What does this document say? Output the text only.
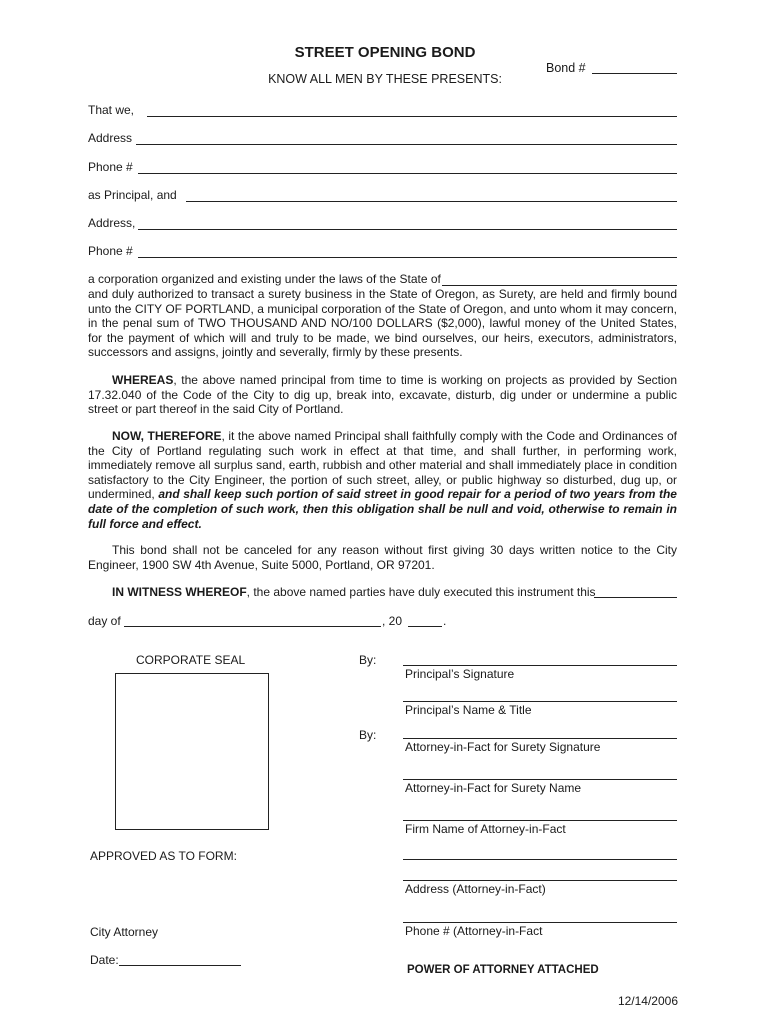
STREET OPENING BOND
Bond #
KNOW ALL MEN BY THESE PRESENTS:
That we,
Address
Phone #
as Principal, and
Address,
Phone #
a corporation organized and existing under the laws of the State of

and duly authorized to transact a surety business in the State of Oregon, as Surety, are held and firmly bound unto the CITY OF PORTLAND, a municipal corporation of the State of Oregon, and unto whom it may concern, in the penal sum of TWO THOUSAND AND NO/100 DOLLARS ($2,000), lawful money of the United States, for the payment of which will and truly to be made, we bind ourselves, our heirs, executors, administrators, successors and assigns, jointly and severally, firmly by these presents.

WHEREAS, the above named principal from time to time is working on projects as provided by Section 17.32.040 of the Code of the City to dig up, break into, excavate, disturb, dig under or undermine a public street or part thereof in the said City of Portland.

NOW, THEREFORE, it the above named Principal shall faithfully comply with the Code and Ordinances of the City of Portland regulating such work in effect at that time, and shall further, in performing work, immediately remove all surplus sand, earth, rubbish and other material and shall immediately place in condition satisfactory to the City Engineer, the portion of such street, alley, or public highway so disturbed, dug up, or undermined, and shall keep such portion of said street in good repair for a period of two years from the date of the completion of such work, then this obligation shall be null and void, otherwise to remain in full force and effect.

This bond shall not be canceled for any reason without first giving 30 days written notice to the City Engineer, 1900 SW 4th Avenue, Suite 5000, Portland, OR 97201.

IN WITNESS WHEREOF, the above named parties have duly executed this instrument this
day of	, 20	.
CORPORATE SEAL	By:
Principal’s Signature
Principal’s Name & Title
By:
Attorney-in-Fact for Surety Signature
Attorney-in-Fact for Surety Name
Firm Name of Attorney-in-Fact
APPROVED AS TO FORM:
Address (Attorney-in-Fact)
City Attorney	Phone # (Attorney-in-Fact
Date:
POWER OF ATTORNEY ATTACHED
12/14/2006
